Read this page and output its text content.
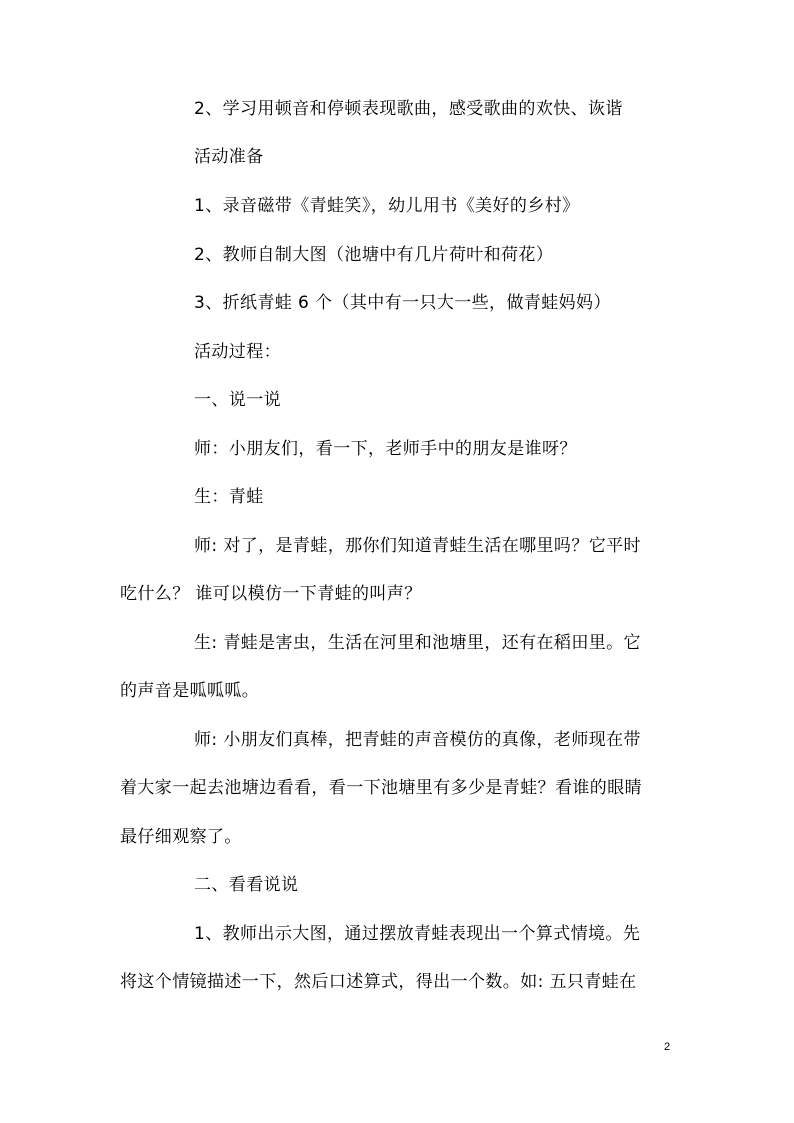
2、学习用顿音和停顿表现歌曲，感受歌曲的欢快、诙谐
活动准备
1、录音磁带《青蛙笑》，幼儿用书《美好的乡村》
2、教师自制大图（池塘中有几片荷叶和荷花）
3、折纸青蛙 6 个（其中有一只大一些，做青蛙妈妈）
活动过程：
一、说一说
师：小朋友们，看一下，老师手中的朋友是谁呀？
生：青蛙
师: 对了，是青蛙，那你们知道青蛙生活在哪里吗？它平时
吃什么？ 谁可以模仿一下青蛙的叫声？
生: 青蛙是害虫，生活在河里和池塘里，还有在稻田里。它
的声音是呱呱呱。
师: 小朋友们真棒，把青蛙的声音模仿的真像，老师现在带
着大家一起去池塘边看看，看一下池塘里有多少是青蛙？看谁的眼睛
最仔细观察了。
二、看看说说
1、教师出示大图，通过摆放青蛙表现出一个算式情境。先
将这个情镜描述一下，然后口述算式，得出一个数。如: 五只青蛙在
2
